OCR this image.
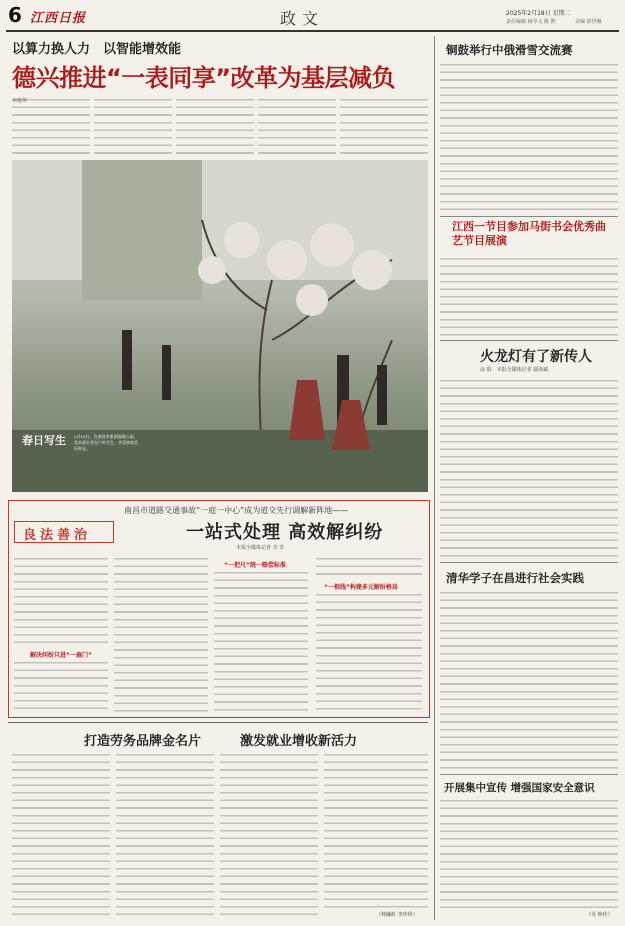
6 江西日报	政文	2025年2月18日 星期二
责任编辑 杨学文 陈 熙	美编 徐世佩
以算力换人力　以智能增效能
德兴推进“一表同享”改革为基层减负
春日写生 2月16日，在南昌市象湖湿地公园，美术爱好者在户外写生，享受初春美好时光。
良法善治
南昌市道路交通事故“一庭一中心”成为道交先行调解新阵地——
一站式处理 高效解纠纷
本报全媒体记者 李 芳
解决纠纷只进“一扇门”
“一把尺”统一赔偿标准
“一根线”构建多元解纷格局
打造劳务品牌金名片	激发就业增收新活力
（钟碱虹 李珍珍）
铜鼓举行中俄滑雪交流赛
江西一节目参加马街书会优秀曲艺节目展演
火龙灯有了新传人
涂 琨　本报全媒体记者 鄢海斌
清华学子在昌进行社会实践
开展集中宣传 增强国家安全意识
（吴 坤佳）
